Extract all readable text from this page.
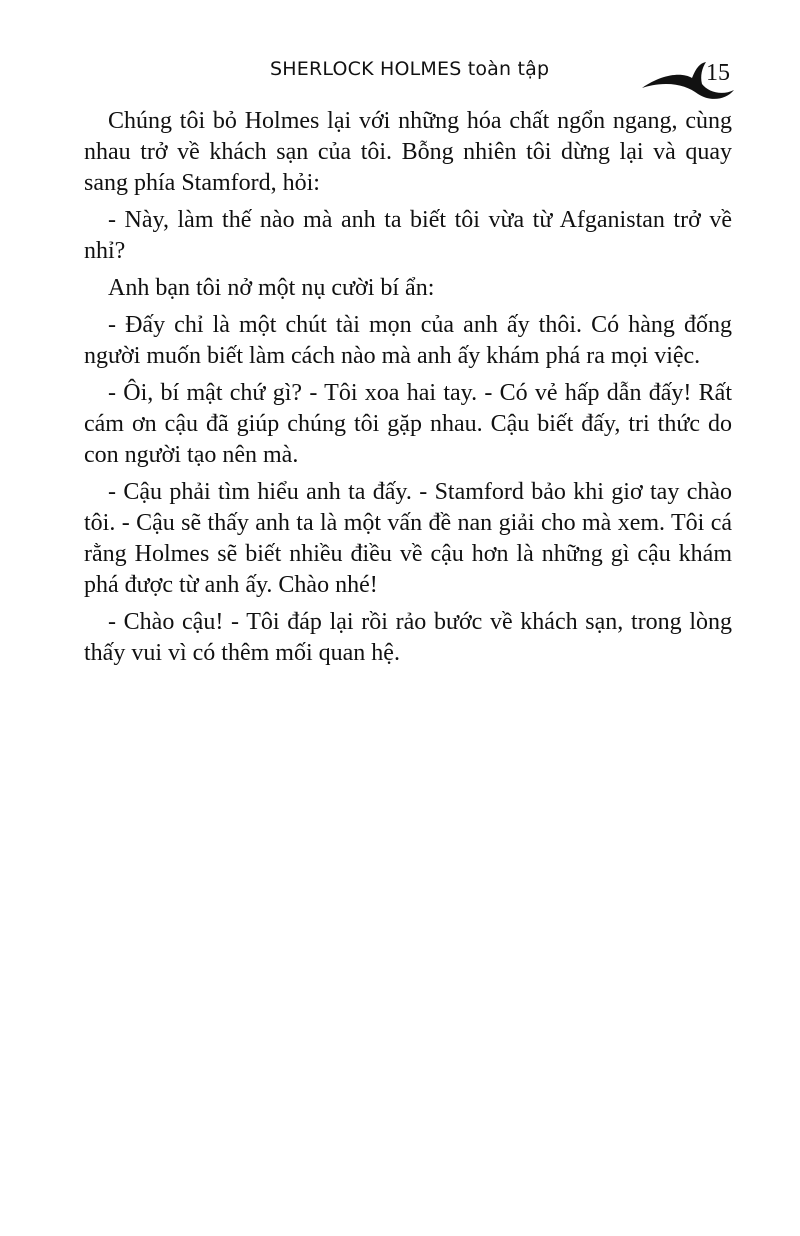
SHERLOCK HOLMES toàn tập	15

Chúng tôi bỏ Holmes lại với những hóa chất ngổn ngang, cùng nhau trở về khách sạn của tôi. Bỗng nhiên tôi dừng lại và quay sang phía Stamford, hỏi:

- Này, làm thế nào mà anh ta biết tôi vừa từ Afganistan trở về nhỉ?

Anh bạn tôi nở một nụ cười bí ẩn:

- Đấy chỉ là một chút tài mọn của anh ấy thôi. Có hàng đống người muốn biết làm cách nào mà anh ấy khám phá ra mọi việc.

- Ôi, bí mật chứ gì? - Tôi xoa hai tay. - Có vẻ hấp dẫn đấy! Rất cám ơn cậu đã giúp chúng tôi gặp nhau. Cậu biết đấy, tri thức do con người tạo nên mà.

- Cậu phải tìm hiểu anh ta đấy. - Stamford bảo khi giơ tay chào tôi. - Cậu sẽ thấy anh ta là một vấn đề nan giải cho mà xem. Tôi cá rằng Holmes sẽ biết nhiều điều về cậu hơn là những gì cậu khám phá được từ anh ấy. Chào nhé!

- Chào cậu! - Tôi đáp lại rồi rảo bước về khách sạn, trong lòng thấy vui vì có thêm mối quan hệ.
